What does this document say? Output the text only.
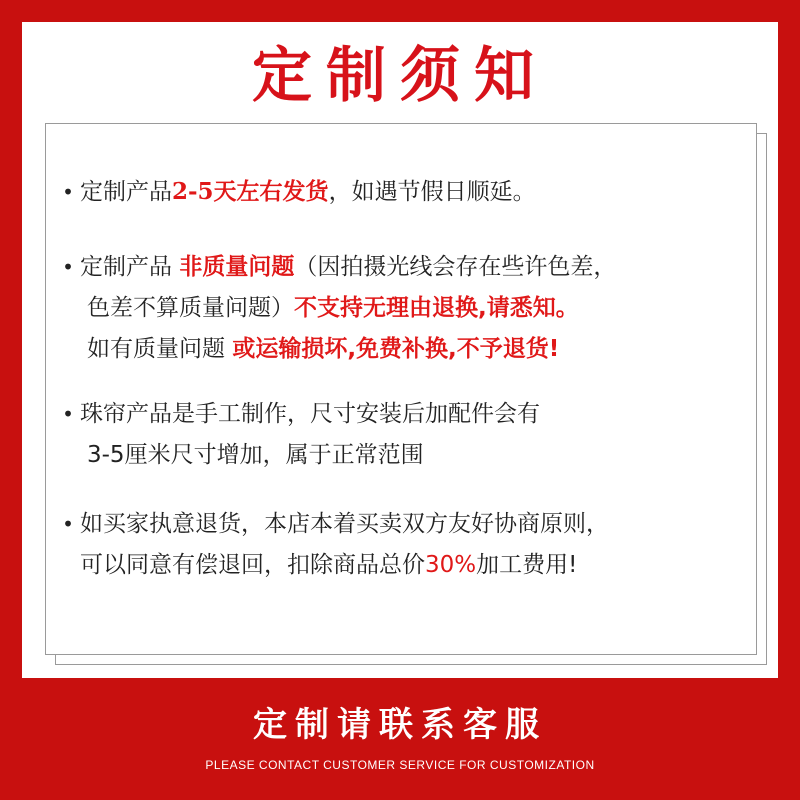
定制须知
• 定制产品2-5天左右发货，如遇节假日顺延。
• 定制产品 非质量问题（因拍摄光线会存在些许色差，
色差不算质量问题）不支持无理由退换,请悉知。
如有质量问题 或运输损坏,免费补换,不予退货!
• 珠帘产品是手工制作，尺寸安装后加配件会有
3-5厘米尺寸增加，属于正常范围
• 如买家执意退货，本店本着买卖双方友好协商原则，
可以同意有偿退回，扣除商品总价30%加工费用!
定制请联系客服
PLEASE CONTACT CUSTOMER SERVICE FOR CUSTOMIZATION
